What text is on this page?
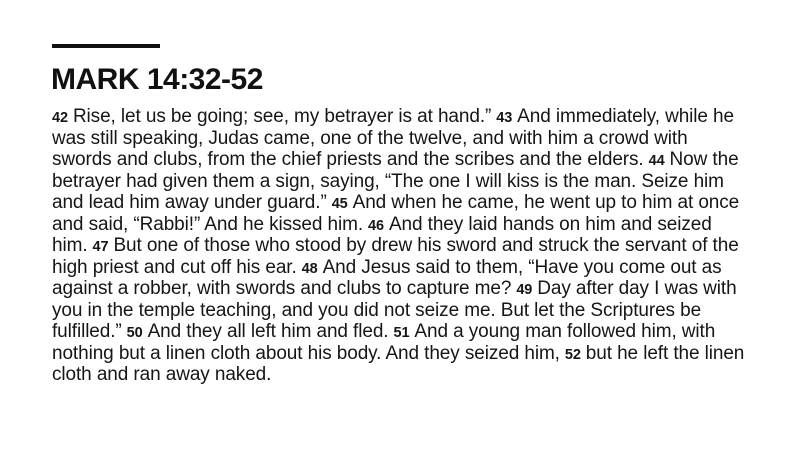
MARK 14:32-52
42 Rise, let us be going; see, my betrayer is at hand.” 43 And immediately, while he
was still speaking, Judas came, one of the twelve, and with him a crowd with
swords and clubs, from the chief priests and the scribes and the elders. 44 Now the
betrayer had given them a sign, saying, “The one I will kiss is the man. Seize him
and lead him away under guard.” 45 And when he came, he went up to him at once
and said, “Rabbi!” And he kissed him. 46 And they laid hands on him and seized
him. 47 But one of those who stood by drew his sword and struck the servant of the
high priest and cut off his ear. 48 And Jesus said to them, “Have you come out as
against a robber, with swords and clubs to capture me? 49 Day after day I was with
you in the temple teaching, and you did not seize me. But let the Scriptures be
fulfilled.” 50 And they all left him and fled. 51 And a young man followed him, with
nothing but a linen cloth about his body. And they seized him, 52 but he left the linen
cloth and ran away naked.
